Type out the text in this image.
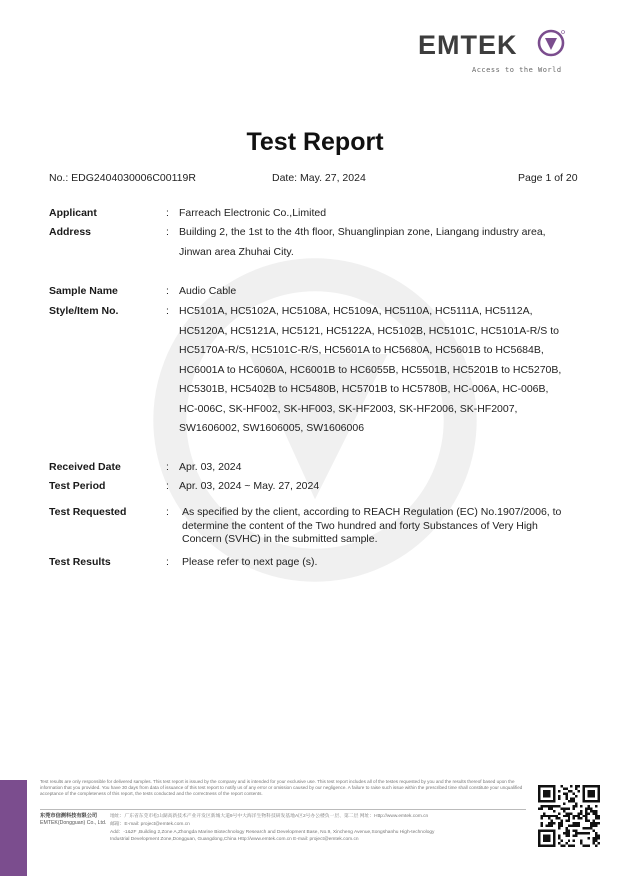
EMTEK
Access to the World
Test Report
No.: EDG2404030006C00119R	Date: May. 27, 2024	Page 1 of 20
Applicant	: Farreach Electronic Co.,Limited
Address	: Building 2, the 1st to the 4th floor, Shuanglinpian zone, Liangang industry area,
Jinwan area Zhuhai City.
Sample Name	: Audio Cable
Style/Item No.	: HC5101A, HC5102A, HC5108A, HC5109A, HC5110A, HC5111A, HC5112A,
HC5120A, HC5121A, HC5121, HC5122A, HC5102B, HC5101C, HC5101A-R/S to
HC5170A-R/S, HC5101C-R/S, HC5601A to HC5680A, HC5601B to HC5684B,
HC6001A to HC6060A, HC6001B to HC6055B, HC5501B, HC5201B to HC5270B,
HC5301B, HC5402B to HC5480B, HC5701B to HC5780B, HC-006A, HC-006B,
HC-006C, SK-HF002, SK-HF003, SK-HF2003, SK-HF2006, SK-HF2007,
SW1606002, SW1606005, SW1606006
Received Date	: Apr. 03, 2024
Test Period	: Apr. 03, 2024 ~ May. 27, 2024
Test Requested	:	As specified by the client, according to REACH Regulation (EC) No.1907/2006, to
determine the content of the Two hundred and forty Substances of Very High
Concern (SVHC) in the submitted sample.
Test Results	:	Please refer to next page (s).
Test results are only responsible for delivered samples. This test report is issued by the company and is intended for your exclusive use. This test report includes all of the testes requested by you and the results thereof based upon the information that you provided. You have 30 days from data of issuance of this test report to notify us of any error or omission caused by our negligence. A failure to raise such issue within the prescribed time shall constitute your unqualified acceptance of the completeness of this report, the tests conducted and the correctness of the report contents.
东莞市信测科技有限公司
EMTEK(Dongguan) Co., Ltd.
地址：广东省东莞市松山湖高新技术产业开发区新城大道9号中大海洋生物科技研发基地A区2号办公楼负一层、第二层 网址：Http://www.emtek.com.cn
邮箱：E-mail: project@emtek.com.cn
Add：-1&2F ,Building 2,Zone A,Zhongda Marine Biotechnology Research and Development Base, No.9, Xincheng Avenue,Songshanhu High-technology
Industrial Development Zone,Dongguan, Guangdong,China Http://www.emtek.com.cn E-mail: project@emtek.com.cn
